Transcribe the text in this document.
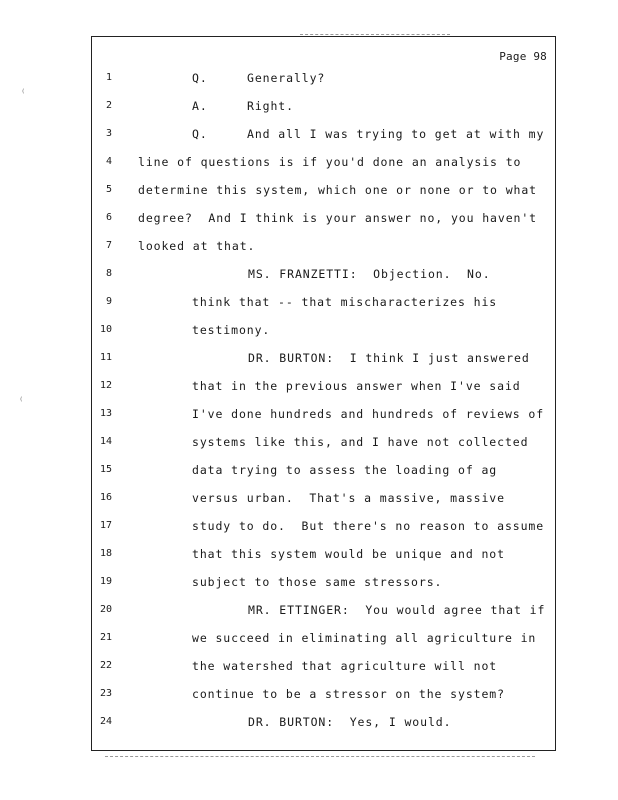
Page 98
1	Q.	Generally?
2	A.	Right.
3	Q.	And all I was trying to get at with my
4 line of questions is if you'd done an analysis to
5 determine this system, which one or none or to what
6 degree?  And I think is your answer no, you haven't
7 looked at that.
8	MS. FRANZETTI:  Objection.  No.
9	think that -- that mischaracterizes his
10	testimony.
11	DR. BURTON:  I think I just answered
12	that in the previous answer when I've said
13	I've done hundreds and hundreds of reviews of
14	systems like this, and I have not collected
15	data trying to assess the loading of ag
16	versus urban.  That's a massive, massive
17	study to do.  But there's no reason to assume
18	that this system would be unique and not
19	subject to those same stressors.
20	MR. ETTINGER:  You would agree that if
21	we succeed in eliminating all agriculture in
22	the watershed that agriculture will not
23	continue to be a stressor on the system?
24	DR. BURTON:  Yes, I would.
⁽
⁽
